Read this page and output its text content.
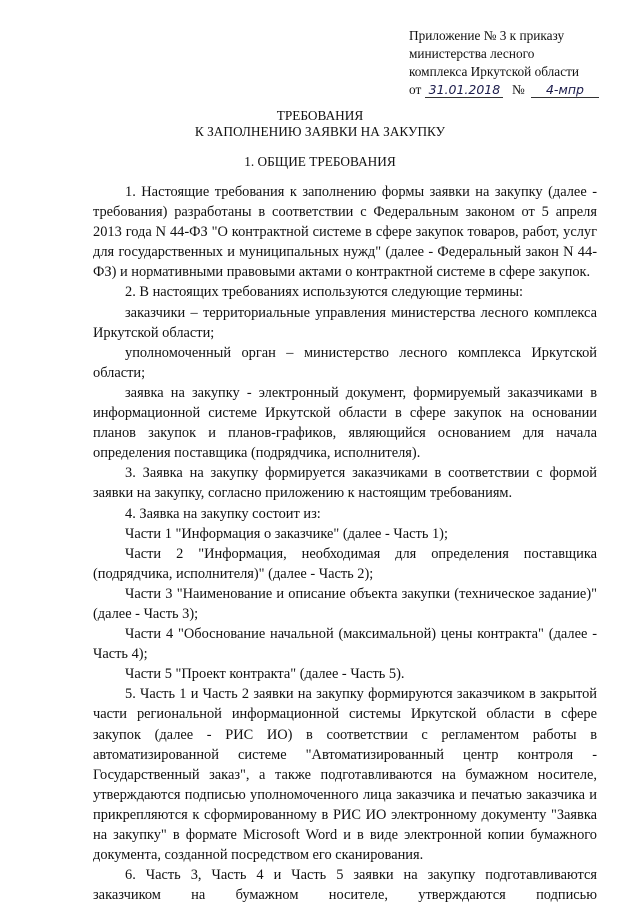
Приложение № 3 к приказу
министерства лесного
комплекса Иркутской области
от 31.01.2018 № 4-мпр
ТРЕБОВАНИЯ
К ЗАПОЛНЕНИЮ ЗАЯВКИ НА ЗАКУПКУ
1. ОБЩИЕ ТРЕБОВАНИЯ

1. Настоящие требования к заполнению формы заявки на закупку (далее - требования) разработаны в соответствии с Федеральным законом от 5 апреля 2013 года N 44-ФЗ "О контрактной системе в сфере закупок товаров, работ, услуг для государственных и муниципальных нужд" (далее - Федеральный закон N 44-ФЗ) и нормативными правовыми актами о контрактной системе в сфере закупок.

2. В настоящих требованиях используются следующие термины:

заказчики – территориальные управления министерства лесного комплекса Иркутской области;

уполномоченный орган – министерство лесного комплекса Иркутской области;

заявка на закупку - электронный документ, формируемый заказчиками в информационной системе Иркутской области в сфере закупок на основании планов закупок и планов-графиков, являющийся основанием для начала определения поставщика (подрядчика, исполнителя).

3. Заявка на закупку формируется заказчиками в соответствии с формой заявки на закупку, согласно приложению к настоящим требованиям.

4. Заявка на закупку состоит из:

Части 1 "Информация о заказчике" (далее - Часть 1);

Части 2 "Информация, необходимая для определения поставщика (подрядчика, исполнителя)" (далее - Часть 2);

Части 3 "Наименование и описание объекта закупки (техническое задание)" (далее - Часть 3);

Части 4 "Обоснование начальной (максимальной) цены контракта" (далее - Часть 4);

Части 5 "Проект контракта" (далее - Часть 5).

5. Часть 1 и Часть 2 заявки на закупку формируются заказчиком в закрытой части региональной информационной системы Иркутской области в сфере закупок (далее - РИС ИО) в соответствии с регламентом работы в автоматизированной системе "Автоматизированный центр контроля - Государственный заказ", а также подготавливаются на бумажном носителе, утверждаются подписью уполномоченного лица заказчика и печатью заказчика и прикрепляются к сформированному в РИС ИО электронному документу "Заявка на закупку" в формате Microsoft Word и в виде электронной копии бумажного документа, созданной посредством его сканирования.

6. Часть 3, Часть 4 и Часть 5 заявки на закупку подготавливаются заказчиком на бумажном носителе, утверждаются подписью
